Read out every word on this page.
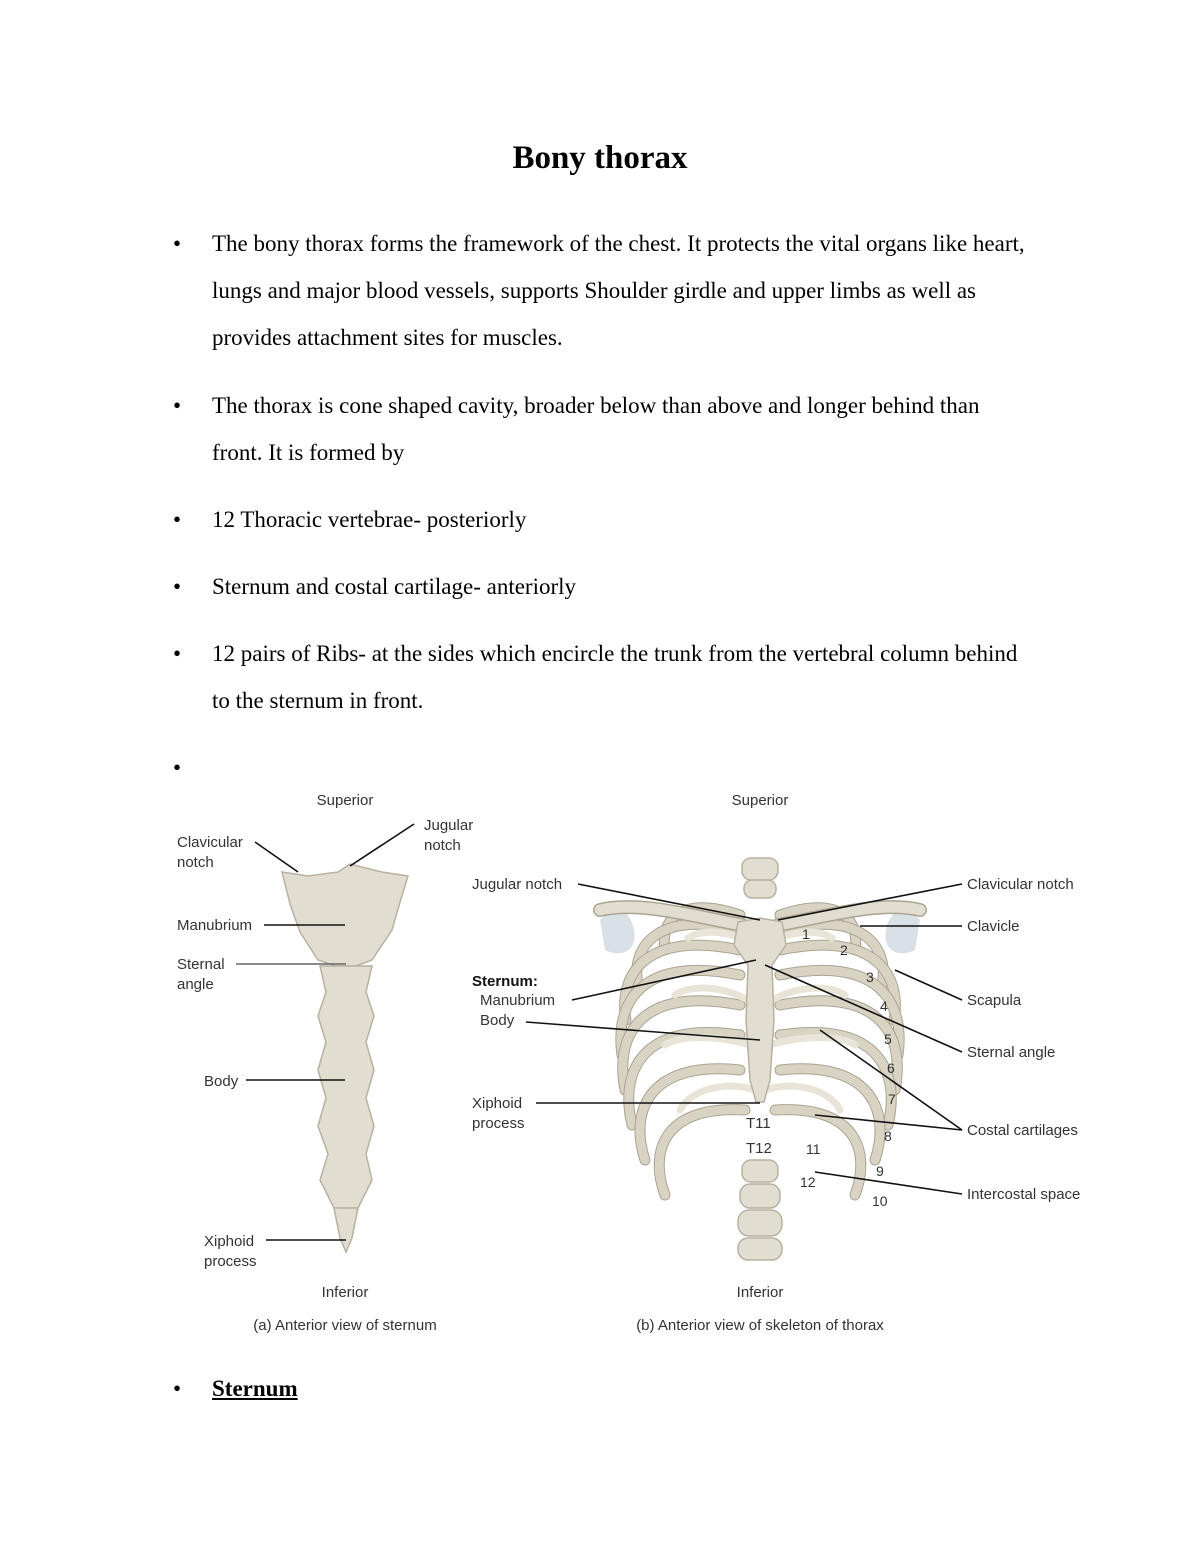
Bony thorax
• The bony thorax forms the framework of the chest. It protects the vital organs like heart, lungs and major blood vessels, supports Shoulder girdle and upper limbs as well as provides attachment sites for muscles.
• The thorax is cone shaped cavity, broader below than above and longer behind than front. It is formed by
• 12 Thoracic vertebrae- posteriorly
• Sternum and costal cartilage- anteriorly
• 12 pairs of Ribs- at the sides which encircle the trunk from the vertebral column behind to the sternum in front.
•
• Sternum
Superior
Inferior
(a) Anterior view of sternum
Clavicular
notch
Jugular
notch
Manubrium
Sternal
angle
Body
Xiphoid
process
Superior
Inferior
(b) Anterior view of skeleton of thorax
1
2
3
4
5
6
7
8
9
10
11
12
T11
T12
Jugular notch
Sternum:
Manubrium
Body
Xiphoid
process
Clavicular notch
Clavicle
Scapula
Sternal angle
Costal cartilages
Intercostal space
